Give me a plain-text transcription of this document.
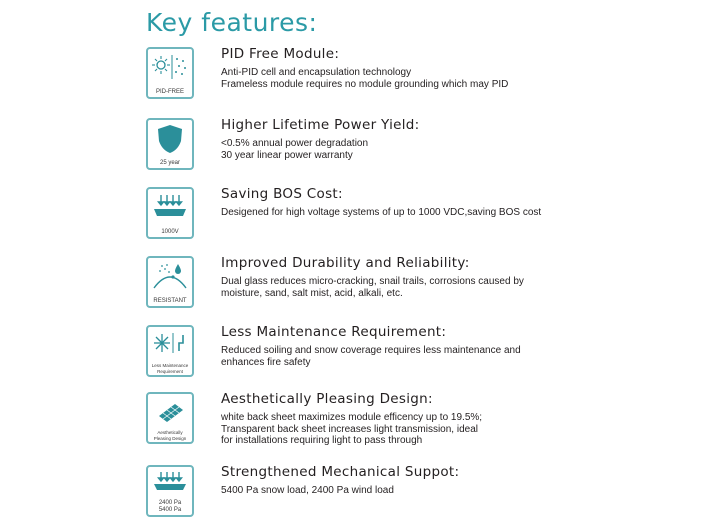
Key features:
PID-FREE
PID Free Module:
Anti-PID cell and encapsulation technology
Frameless module requires no module grounding which may PID
25 year
Higher Lifetime Power Yield:
<0.5% annual power degradation
30 year linear power warranty
1000V
Saving BOS Cost:
Desigened for high voltage systems of up to 1000 VDC,saving BOS cost
RESISTANT
Improved Durability and Reliability:
Dual glass reduces micro-cracking, snail trails, corrosions caused by
moisture, sand, salt mist, acid, alkali, etc.
Less Maintenance
Requirement
Less Maintenance Requirement:
Reduced soiling and snow coverage requires less maintenance and
enhances fire safety
Aesthetically
Pleasing Design
Aesthetically Pleasing Design:
white back sheet maximizes module efficency up to 19.5%;
Transparent back sheet increases light transmission, ideal
for installations requiring light to pass through
2400 Pa
5400 Pa
Strengthened Mechanical Suppot:
5400 Pa snow load, 2400 Pa wind load
